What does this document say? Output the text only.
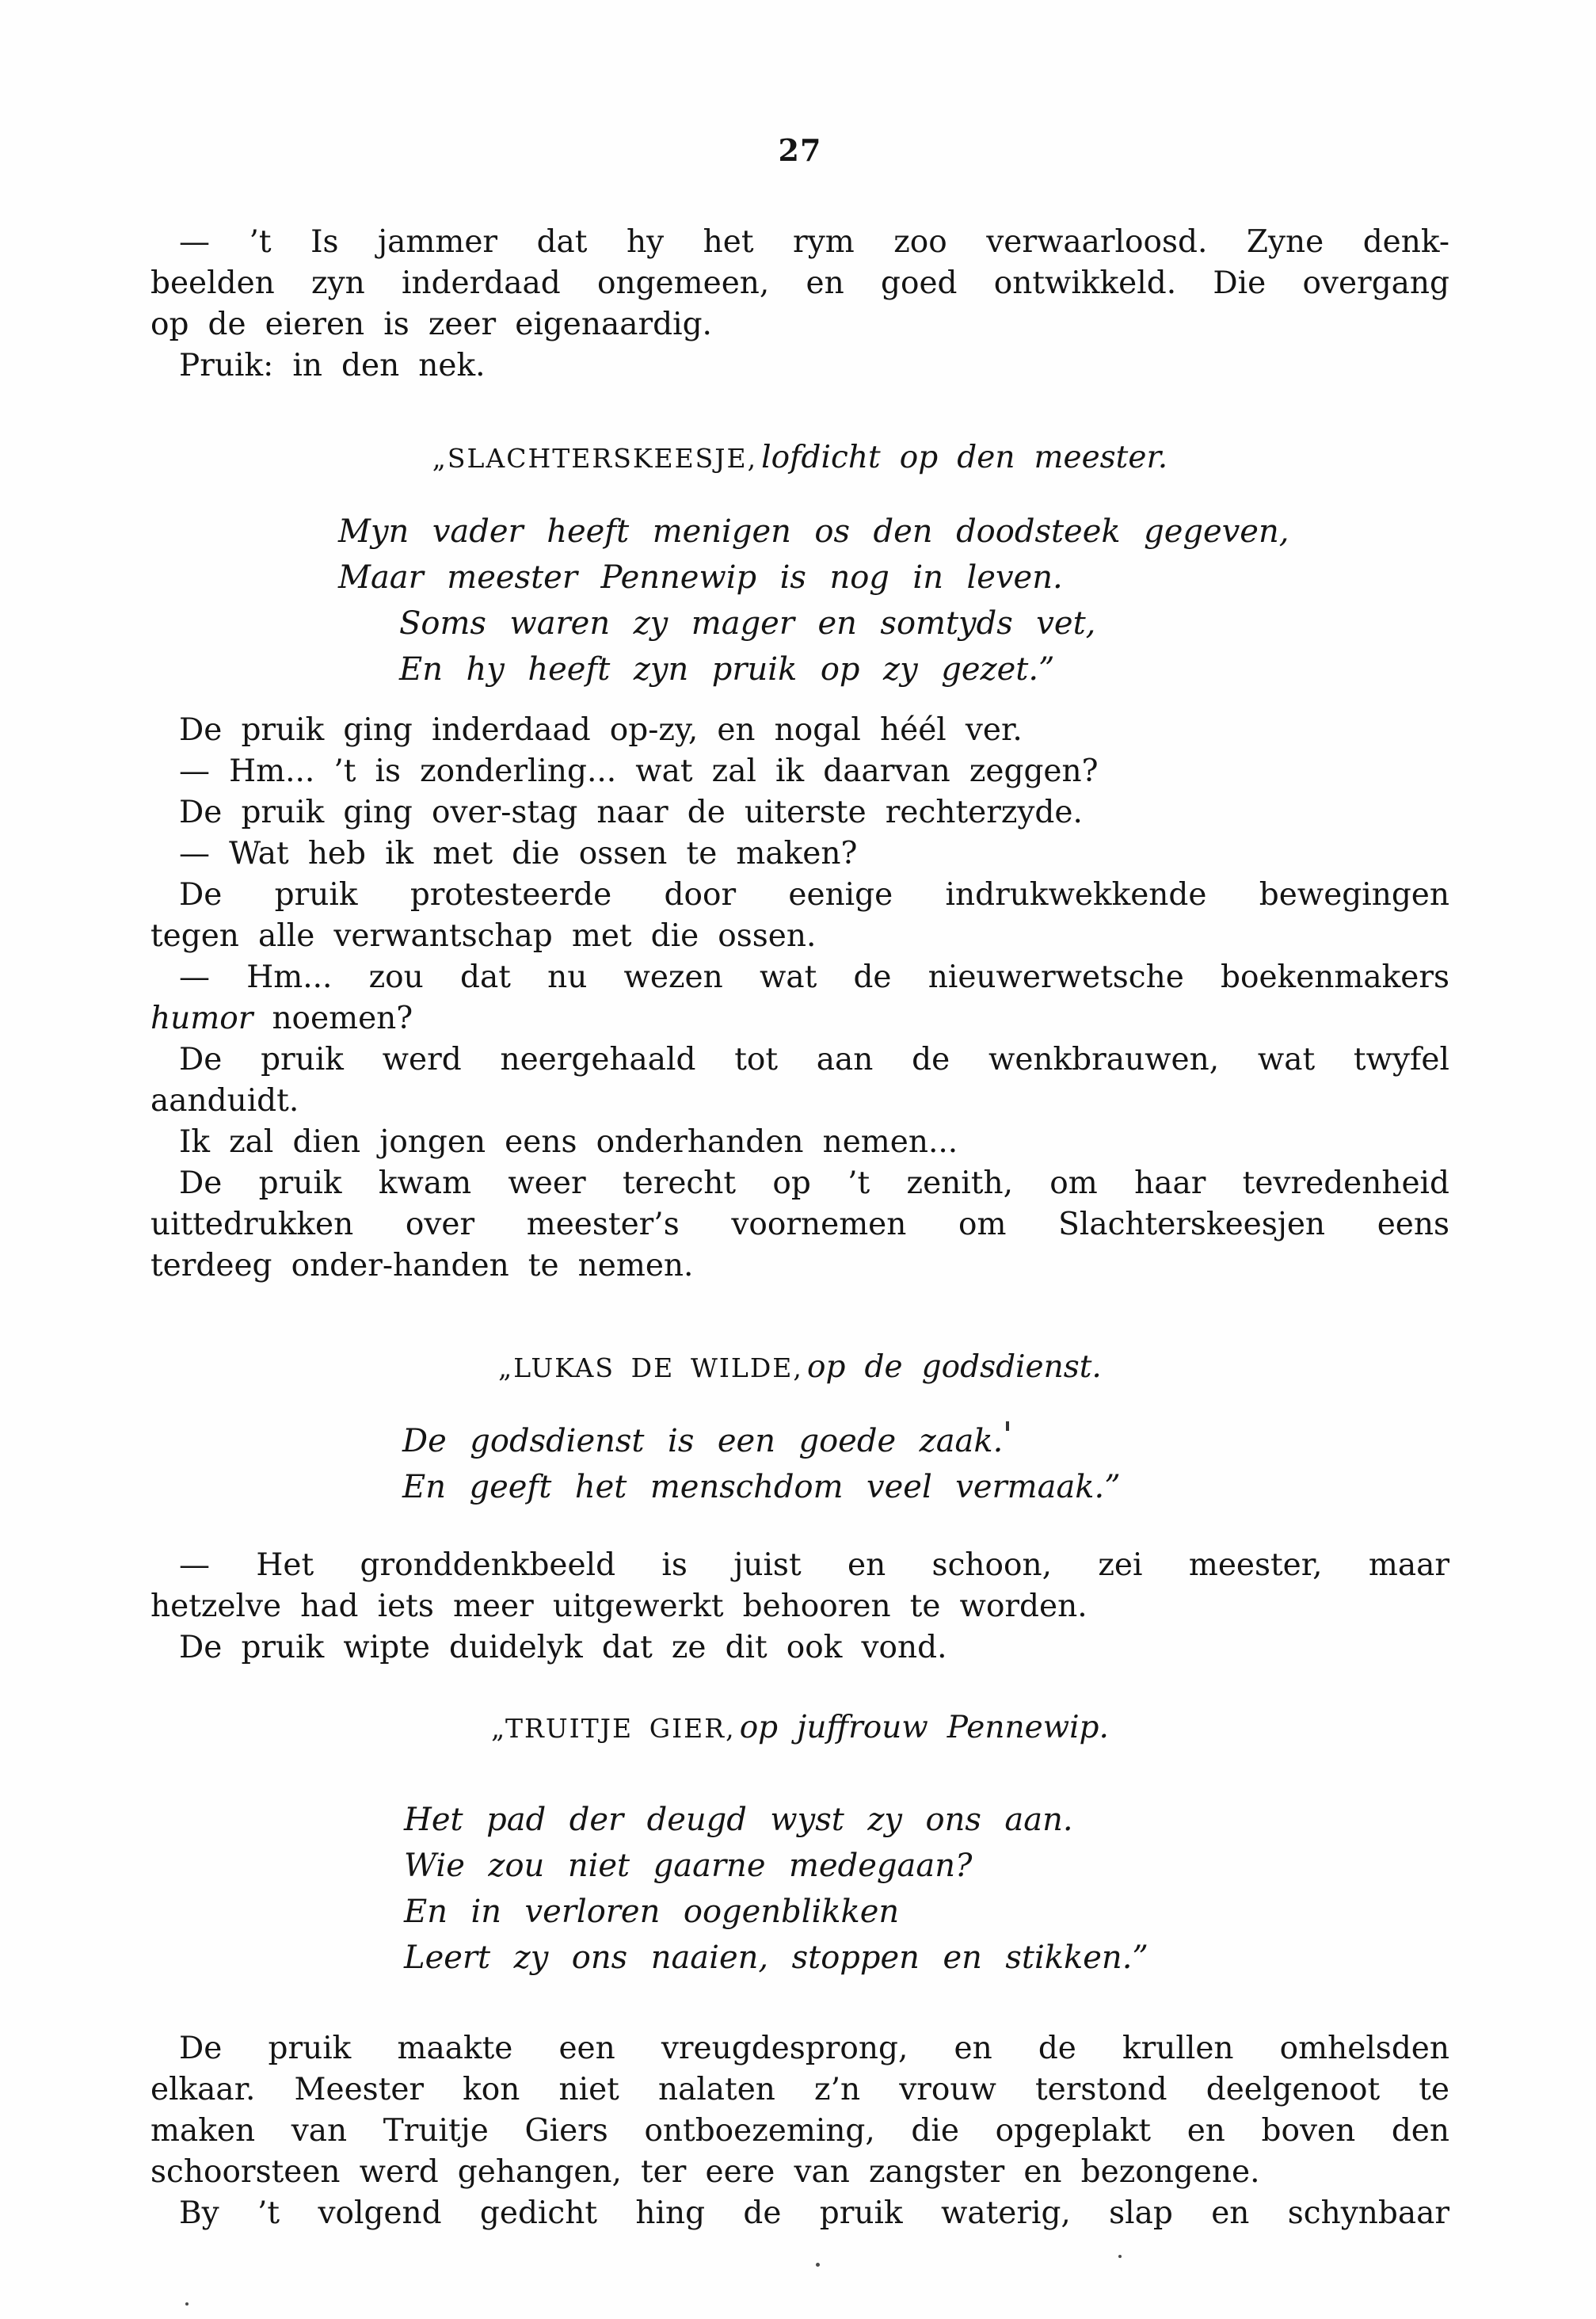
27
— ’t Is jammer dat hy het rym zoo verwaarloosd. Zyne denk-
beelden zyn inderdaad ongemeen, en goed ontwikkeld. Die overgang
op de eieren is zeer eigenaardig.
Pruik: in den nek.
„SLACHTERSKEESJE, lofdicht op den meester.
Myn vader heeft menigen os den doodsteek gegeven,
Maar meester Pennewip is nog in leven.
Soms waren zy mager en somtyds vet,
En hy heeft zyn pruik op zy gezet.”
De pruik ging inderdaad op-zy, en nogal héél ver.
— Hm... ’t is zonderling... wat zal ik daarvan zeggen?
De pruik ging over-stag naar de uiterste rechterzyde.
— Wat heb ik met die ossen te maken?
De pruik protesteerde door eenige indrukwekkende bewegingen
tegen alle verwantschap met die ossen.
— Hm... zou dat nu wezen wat de nieuwerwetsche boekenmakers
humor noemen?
De pruik werd neergehaald tot aan de wenkbrauwen, wat twyfel
aanduidt.
Ik zal dien jongen eens onderhanden nemen...
De pruik kwam weer terecht op ’t zenith, om haar tevredenheid
uittedrukken over meester’s voornemen om Slachterskeesjen eens
terdeeg onder-handen te nemen.
„LUKAS DE WILDE, op de godsdienst.
De godsdienst is een goede zaak.
En geeft het menschdom veel vermaak.”
— Het gronddenkbeeld is juist en schoon, zei meester, maar
hetzelve had iets meer uitgewerkt behooren te worden.
De pruik wipte duidelyk dat ze dit ook vond.
„TRUITJE GIER, op juffrouw Pennewip.
Het pad der deugd wyst zy ons aan.
Wie zou niet gaarne medegaan?
En in verloren oogenblikken
Leert zy ons naaien, stoppen en stikken.”
De pruik maakte een vreugdesprong, en de krullen omhelsden
elkaar. Meester kon niet nalaten z’n vrouw terstond deelgenoot te
maken van Truitje Giers ontboezeming, die opgeplakt en boven den
schoorsteen werd gehangen, ter eere van zangster en bezongene.
By ’t volgend gedicht hing de pruik waterig, slap en schynbaar
